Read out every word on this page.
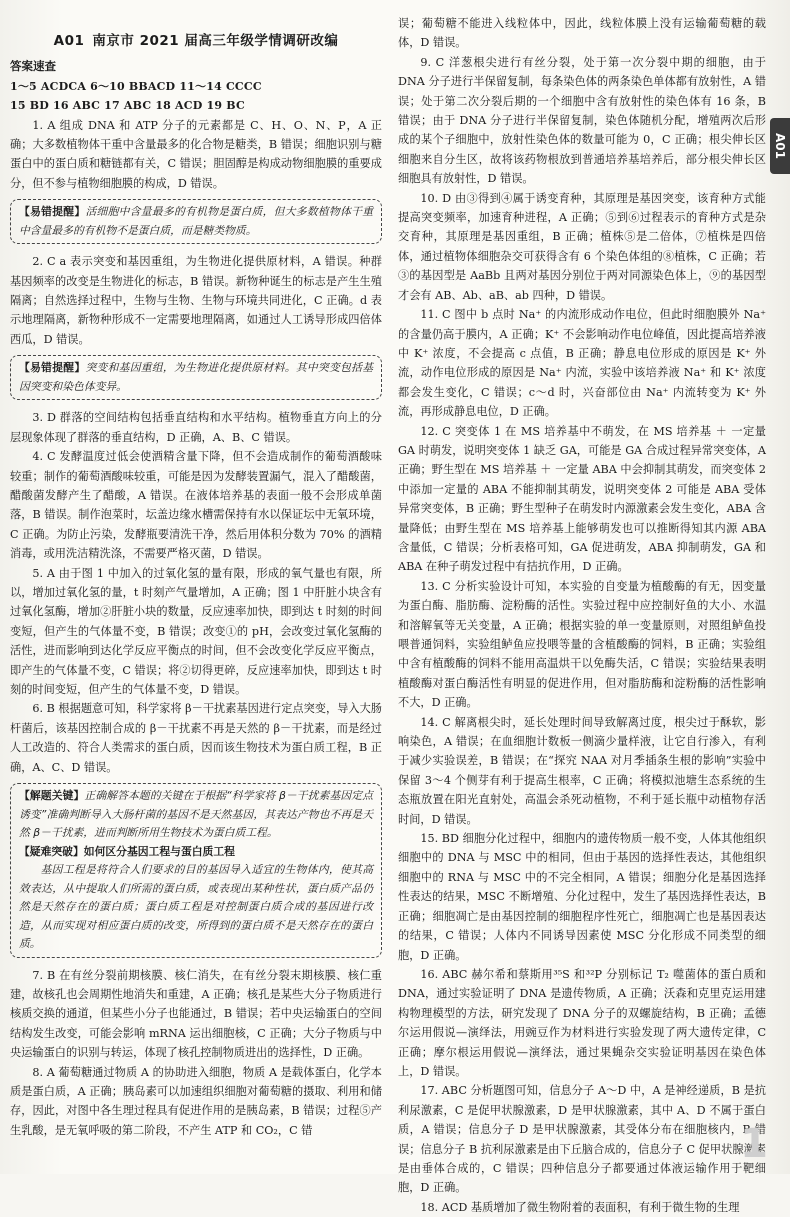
A01 南京市 2021 届高三年级学情调研改编
答案速查
1～5 ACDCA 6～10 BBACD 11～14 CCCC
15 BD 16 ABC 17 ABC 18 ACD 19 BC

1. A 组成 DNA 和 ATP 分子的元素都是 C、H、O、N、P，A 正确；大多数植物体干重中含量最多的化合物是糖类，B 错误；细胞识别与糖蛋白中的蛋白质和糖链都有关，C 错误；胆固醇是构成动物细胞膜的重要成分，但不参与植物细胞膜的构成，D 错误。

【易错提醒】活细胞中含量最多的有机物是蛋白质，但大多数植物体干重中含量最多的有机物不是蛋白质，而是糖类物质。

2. C a 表示突变和基因重组，为生物进化提供原材料，A 错误。种群基因频率的改变是生物进化的标志，B 错误。新物种诞生的标志是产生生殖隔离；自然选择过程中，生物与生物、生物与环境共同进化，C 正确。d 表示地理隔离，新物种形成不一定需要地理隔离，如通过人工诱导形成四倍体西瓜，D 错误。

【易错提醒】突变和基因重组，为生物进化提供原材料。其中突变包括基因突变和染色体变异。

3. D 群落的空间结构包括垂直结构和水平结构。植物垂直方向上的分层现象体现了群落的垂直结构，D 正确，A、B、C 错误。

4. C 发酵温度过低会使酒精含量下降，但不会造成制作的葡萄酒酸味较重；制作的葡萄酒酸味较重，可能是因为发酵装置漏气，混入了醋酸菌，醋酸菌发酵产生了醋酸，A 错误。在液体培养基的表面一般不会形成单菌落，B 错误。制作泡菜时，坛盖边缘水槽需保持有水以保证坛中无氧环境，C 正确。为防止污染，发酵瓶要清洗干净，然后用体积分数为 70% 的酒精消毒，或用洗洁精洗涤，不需要严格灭菌，D 错误。

5. A 由于图 1 中加入的过氧化氢的量有限，形成的氧气量也有限，所以，增加过氧化氢的量，t 时刻产气量增加，A 正确；图 1 中肝脏小块含有过氧化氢酶，增加②肝脏小块的数量，反应速率加快，即到达 t 时刻的时间变短，但产生的气体量不变，B 错误；改变①的 pH，会改变过氧化氢酶的活性，进而影响到达化学反应平衡点的时间，但不会改变化学反应平衡点，即产生的气体量不变，C 错误；将②切得更碎，反应速率加快，即到达 t 时刻的时间变短，但产生的气体量不变，D 错误。

6. B 根据题意可知，科学家将 β－干扰素基因进行定点突变，导入大肠杆菌后，该基因控制合成的 β－干扰素不再是天然的 β－干扰素，而是经过人工改造的、符合人类需求的蛋白质，因而该生物技术为蛋白质工程，B 正确，A、C、D 错误。

【解题关键】正确解答本题的关键在于根据“科学家将 β－干扰素基因定点诱变”准确判断导入大肠杆菌的基因不是天然基因，其表达产物也不再是天然 β－干扰素，进而判断所用生物技术为蛋白质工程。
【疑难突破】如何区分基因工程与蛋白质工程
基因工程是将符合人们要求的目的基因导入适宜的生物体内，使其高效表达，从中提取人们所需的蛋白质，或表现出某种性状，蛋白质产品仍然是天然存在的蛋白质；蛋白质工程是对控制蛋白质合成的基因进行改造，从而实现对相应蛋白质的改变，所得到的蛋白质不是天然存在的蛋白质。

7. B 在有丝分裂前期核膜、核仁消失，在有丝分裂末期核膜、核仁重建，故核孔也会周期性地消失和重建，A 正确；核孔是某些大分子物质进行核质交换的通道，但某些小分子也能通过，B 错误；若中央运输蛋白的空间结构发生改变，可能会影响 mRNA 运出细胞核，C 正确；大分子物质与中央运输蛋白的识别与转运，体现了核孔控制物质进出的选择性，D 正确。

8. A 葡萄糖通过物质 A 的协助进入细胞，物质 A 是载体蛋白，化学本质是蛋白质，A 正确；胰岛素可以加速组织细胞对葡萄糖的摄取、利用和储存，因此，对图中各生理过程具有促进作用的是胰岛素，B 错误；过程⑤产生乳酸，是无氧呼吸的第二阶段，不产生 ATP 和 CO₂，C 错

误；葡萄糖不能进入线粒体中，因此，线粒体膜上没有运输葡萄糖的载体，D 错误。

9. C 洋葱根尖进行有丝分裂，处于第一次分裂中期的细胞，由于 DNA 分子进行半保留复制，每条染色体的两条染色单体都有放射性，A 错误；处于第二次分裂后期的一个细胞中含有放射性的染色体有 16 条，B 错误；由于 DNA 分子进行半保留复制，染色体随机分配，增殖两次后形成的某个子细胞中，放射性染色体的数量可能为 0，C 正确；根尖伸长区细胞来自分生区，故将该药物根放到普通培养基培养后，部分根尖伸长区细胞具有放射性，D 错误。

10. D 由③得到④属于诱变育种，其原理是基因突变，该育种方式能提高突变频率，加速育种进程，A 正确；⑤到⑥过程表示的育种方式是杂交育种，其原理是基因重组，B 正确；植株⑤是二倍体，⑦植株是四倍体，通过植物体细胞杂交可获得含有 6 个染色体组的⑧植株，C 正确；若③的基因型是 AaBb 且两对基因分别位于两对同源染色体上，⑨的基因型才会有 AB、Ab、aB、ab 四种，D 错误。

11. C 图中 b 点时 Na⁺ 的内流形成动作电位，但此时细胞膜外 Na⁺ 的含量仍高于膜内，A 正确；K⁺ 不会影响动作电位峰值，因此提高培养液中 K⁺ 浓度，不会提高 c 点值，B 正确；静息电位形成的原因是 K⁺ 外流，动作电位形成的原因是 Na⁺ 内流，实验中该培养液 Na⁺ 和 K⁺ 浓度都会发生变化，C 错误；c～d 时，兴奋部位由 Na⁺ 内流转变为 K⁺ 外流，再形成静息电位，D 正确。

12. C 突变体 1 在 MS 培养基中不萌发，在 MS 培养基 ＋ 一定量 GA 时萌发，说明突变体 1 缺乏 GA，可能是 GA 合成过程异常突变体，A 正确；野生型在 MS 培养基 ＋ 一定量 ABA 中会抑制其萌发，而突变体 2 中添加一定量的 ABA 不能抑制其萌发，说明突变体 2 可能是 ABA 受体异常突变体，B 正确；野生型种子在萌发时内源激素会发生变化，ABA 含量降低；由野生型在 MS 培养基上能够萌发也可以推断得知其内源 ABA 含量低，C 错误；分析表格可知，GA 促进萌发，ABA 抑制萌发，GA 和 ABA 在种子萌发过程中有拮抗作用，D 正确。

13. C 分析实验设计可知，本实验的自变量为植酸酶的有无，因变量为蛋白酶、脂肪酶、淀粉酶的活性。实验过程中应控制好鱼的大小、水温和溶解氧等无关变量，A 正确；根据实验的单一变量原则，对照组鲈鱼投喂普通饲料，实验组鲈鱼应投喂等量的含植酸酶的饲料，B 正确；实验组中含有植酸酶的饲料不能用高温烘干以免酶失活，C 错误；实验结果表明植酸酶对蛋白酶活性有明显的促进作用，但对脂肪酶和淀粉酶的活性影响不大，D 正确。

14. C 解离根尖时，延长处理时间导致解离过度，根尖过于酥软，影响染色，A 错误；在血细胞计数板一侧滴少量样液，让它自行渗入，有利于减少实验误差，B 错误；在“探究 NAA 对月季插条生根的影响”实验中保留 3～4 个侧芽有利于提高生根率，C 正确；将模拟池塘生态系统的生态瓶放置在阳光直射处，高温会杀死动植物，不利于延长瓶中动植物存活时间，D 错误。

15. BD 细胞分化过程中，细胞内的遗传物质一般不变，人体其他组织细胞中的 DNA 与 MSC 中的相同，但由于基因的选择性表达，其他组织细胞中的 RNA 与 MSC 中的不完全相同，A 错误；细胞分化是基因选择性表达的结果，MSC 不断增殖、分化过程中，发生了基因选择性表达，B 正确；细胞凋亡是由基因控制的细胞程序性死亡，细胞凋亡也是基因表达的结果，C 错误；人体内不同诱导因素使 MSC 分化形成不同类型的细胞，D 正确。

16. ABC 赫尔希和蔡斯用³⁵S 和³²P 分别标记 T₂ 噬菌体的蛋白质和 DNA，通过实验证明了 DNA 是遗传物质，A 正确；沃森和克里克运用建构物理模型的方法，研究发现了 DNA 分子的双螺旋结构，B 正确；孟德尔运用假说—演绎法，用豌豆作为材料进行实验发现了两大遗传定律，C 正确；摩尔根运用假说—演绎法，通过果蝇杂交实验证明基因在染色体上，D 错误。

17. ABC 分析题图可知，信息分子 A～D 中，A 是神经递质，B 是抗利尿激素，C 是促甲状腺激素，D 是甲状腺激素，其中 A、D 不属于蛋白质，A 错误；信息分子 D 是甲状腺激素，其受体分布在细胞核内，B 错误；信息分子 B 抗利尿激素是由下丘脑合成的，信息分子 C 促甲状腺激素是由垂体合成的，C 错误；四种信息分子都要通过体液运输作用于靶细胞，D 正确。

18. ACD 基质增加了微生物附着的表面积，有利于微生物的生理

A01
1
